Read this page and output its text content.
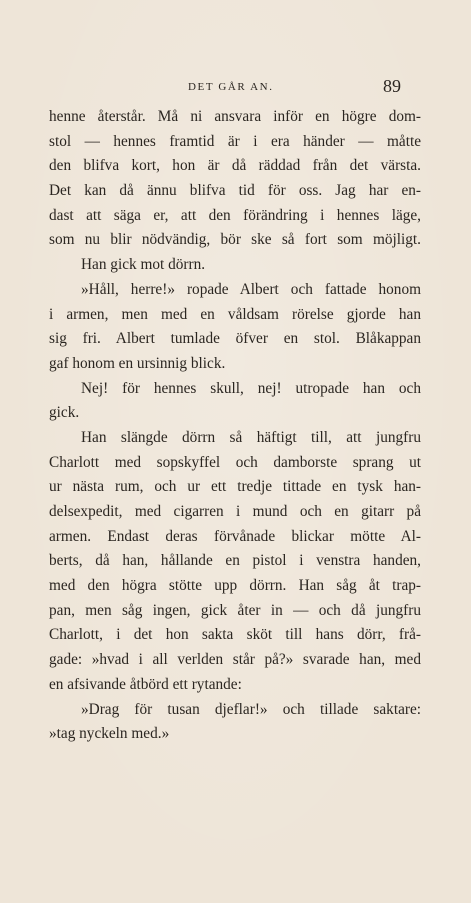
DET GÅR AN.	89
henne återstår. Må ni ansvara inför en högre dom-
stol — hennes framtid är i era händer — måtte
den blifva kort, hon är då räddad från det värsta.
Det kan då ännu blifva tid för oss. Jag har en-
dast att säga er, att den förändring i hennes läge,
som nu blir nödvändig, bör ske så fort som möjligt.
Han gick mot dörrn.
»Håll, herre!» ropade Albert och fattade honom
i armen, men med en våldsam rörelse gjorde han
sig fri. Albert tumlade öfver en stol. Blåkappan
gaf honom en ursinnig blick.
Nej! för hennes skull, nej! utropade han och
gick.
Han slängde dörrn så häftigt till, att jungfru
Charlott med sopskyffel och damborste sprang ut
ur nästa rum, och ur ett tredje tittade en tysk han-
delsexpedit, med cigarren i mund och en gitarr på
armen. Endast deras förvånade blickar mötte Al-
berts, då han, hållande en pistol i venstra handen,
med den högra stötte upp dörrn. Han såg åt trap-
pan, men såg ingen, gick åter in — och då jungfru
Charlott, i det hon sakta sköt till hans dörr, frå-
gade: »hvad i all verlden står på?» svarade han, med
en afsivande åtbörd ett rytande:
»Drag för tusan djeflar!» och tillade saktare:
»tag nyckeln med.»
